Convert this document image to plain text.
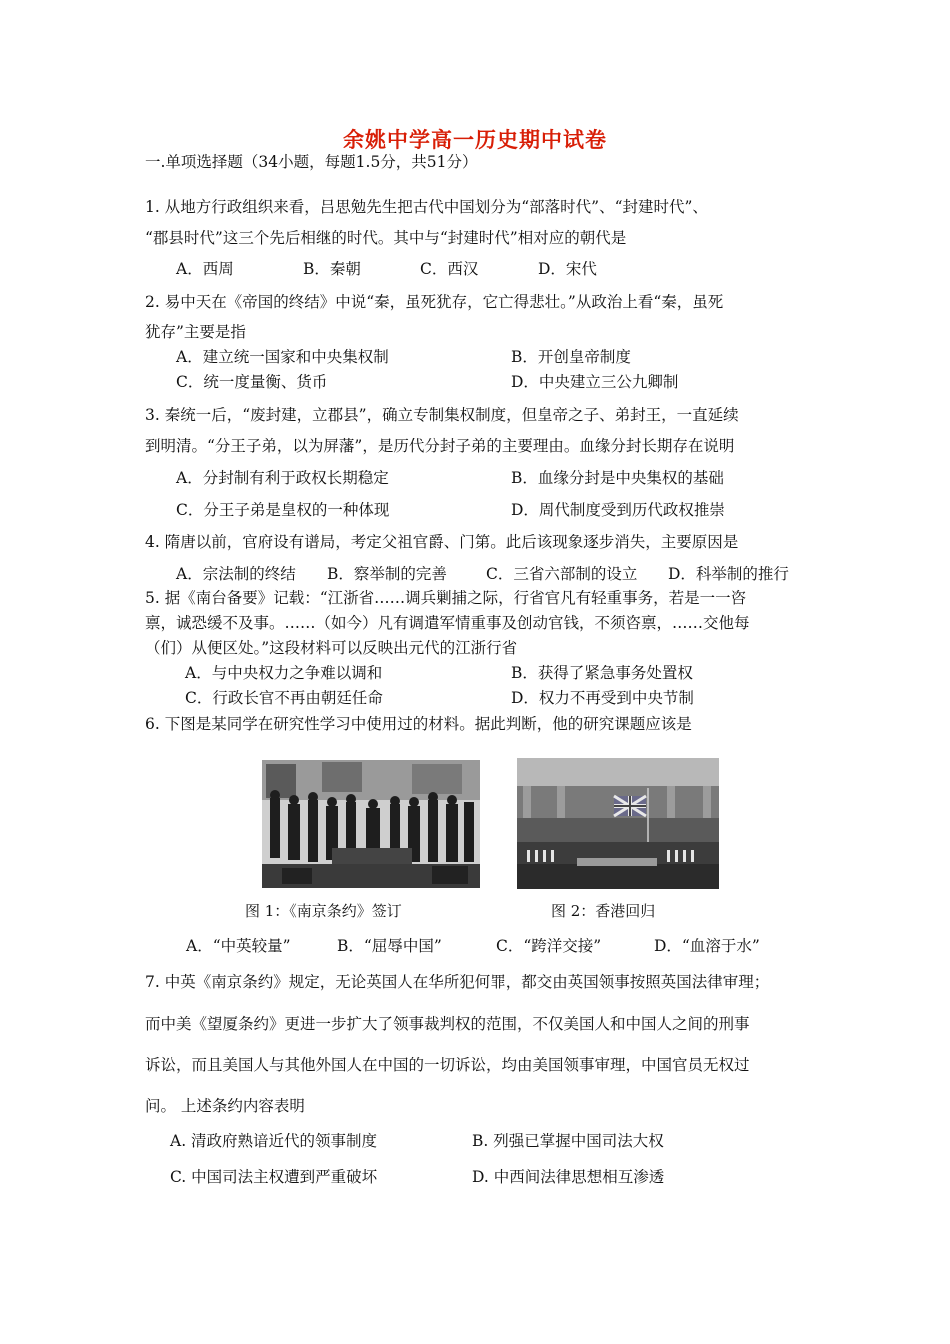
余姚中学高一历史期中试卷
一.单项选择题（34小题，每题1.5分，共51分）
1. 从地方行政组织来看，吕思勉先生把古代中国划分为“部落时代”、“封建时代”、
“郡县时代”这三个先后相继的时代。其中与“封建时代”相对应的朝代是
A．西周	B．秦朝	C．西汉	D．宋代
2. 易中天在《帝国的终结》中说“秦，虽死犹存，它亡得悲壮。”从政治上看“秦，虽死
犹存”主要是指
A．建立统一国家和中央集权制	B．开创皇帝制度
C．统一度量衡、货币	D．中央建立三公九卿制
3. 秦统一后，“废封建，立郡县”，确立专制集权制度，但皇帝之子、弟封王，一直延续
到明清。“分王子弟，以为屏藩”，是历代分封子弟的主要理由。血缘分封长期存在说明
A．分封制有利于政权长期稳定	B．血缘分封是中央集权的基础
C．分王子弟是皇权的一种体现	D．周代制度受到历代政权推崇
4. 隋唐以前，官府设有谱局，考定父祖官爵、门第。此后该现象逐步消失，主要原因是
A．宗法制的终结 B．察举制的完善	C．三省六部制的设立 D．科举制的推行
5. 据《南台备要》记载：“江浙省……调兵剿捕之际，行省官凡有轻重事务，若是一一咨
禀，诚恐缓不及事。……（如今）凡有调遣军情重事及创动官钱，不须咨禀，……交他每
（们）从便区处。”这段材料可以反映出元代的江浙行省
A．与中央权力之争难以调和	B．获得了紧急事务处置权
C．行政长官不再由朝廷任命	D．权力不再受到中央节制
6. 下图是某同学在研究性学习中使用过的材料。据此判断，他的研究课题应该是
图 1：《南京条约》签订	图 2：香港回归
A．“中英较量”	B．“屈辱中国”	C．“跨洋交接”	D．“血溶于水”
7. 中英《南京条约》规定，无论英国人在华所犯何罪，都交由英国领事按照英国法律审理；
而中美《望厦条约》更进一步扩大了领事裁判权的范围，不仅美国人和中国人之间的刑事
诉讼，而且美国人与其他外国人在中国的一切诉讼，均由美国领事审理，中国官员无权过
问。 上述条约内容表明
A. 清政府熟谙近代的领事制度	B. 列强已掌握中国司法大权
C. 中国司法主权遭到严重破坏	D. 中西间法律思想相互渗透
